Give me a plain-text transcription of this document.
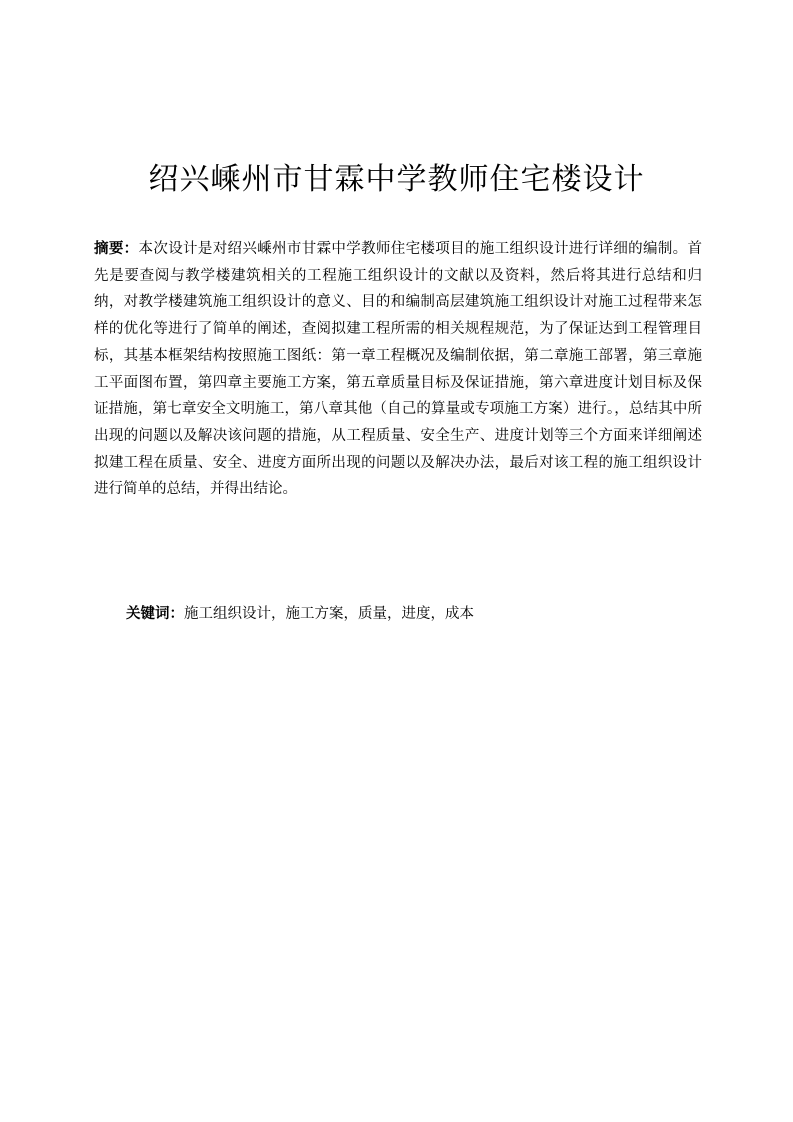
绍兴嵊州市甘霖中学教师住宅楼设计

摘要：本次设计是对绍兴嵊州市甘霖中学教师住宅楼项目的施工组织设计进行详细的编制。首先是要查阅与教学楼建筑相关的工程施工组织设计的文献以及资料，然后将其进行总结和归纳，对教学楼建筑施工组织设计的意义、目的和编制高层建筑施工组织设计对施工过程带来怎样的优化等进行了简单的阐述，查阅拟建工程所需的相关规程规范，为了保证达到工程管理目标，其基本框架结构按照施工图纸：第一章工程概况及编制依据，第二章施工部署，第三章施工平面图布置，第四章主要施工方案，第五章质量目标及保证措施，第六章进度计划目标及保证措施，第七章安全文明施工，第八章其他（自己的算量或专项施工方案）进行。，总结其中所出现的问题以及解决该问题的措施，从工程质量、安全生产、进度计划等三个方面来详细阐述拟建工程在质量、安全、进度方面所出现的问题以及解决办法，最后对该工程的施工组织设计进行简单的总结，并得出结论。

关键词：施工组织设计，施工方案，质量，进度，成本
